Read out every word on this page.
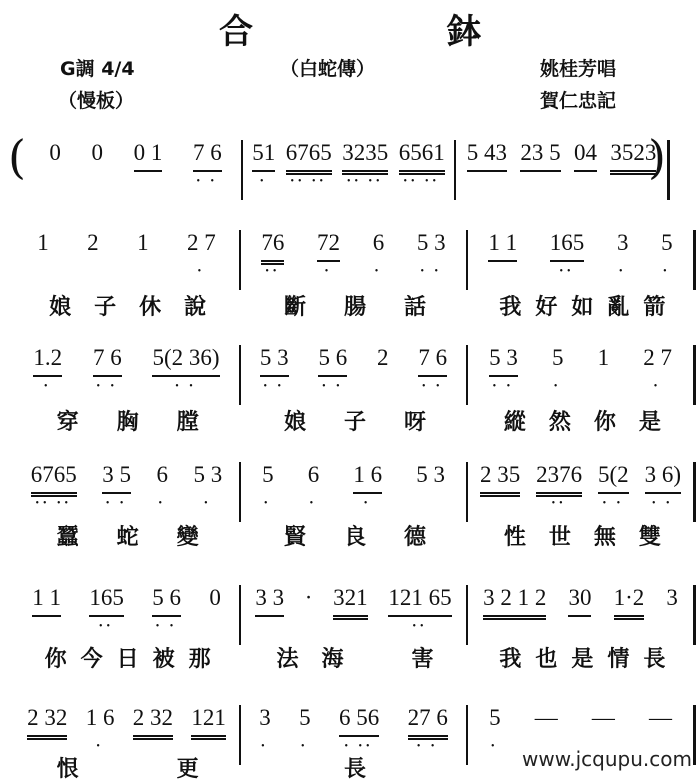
合　鉢
G調 4/4
（慢板）
（白蛇傳）	姚桂芳唱
賀仁忠記
(	)
0 0 0 1 7 6
• •
51
•
6765
•• ••
3235
•• ••
6561
•• ••
5 43 23 5 04 3523
1 2 1 2 7
•
76
••
72
•
6
•
5 3
• •
1 1 165
••
3
•
5
•
娘子休說	斷腸話	我好如亂箭
1.2
•
7 6
• •
5(2 36)
• •
5 3
• •
5 6
• •
2 7 6
• •
5 3
• •
5
•
1 2 7
•
穿胸膛	娘子呀	縱然你是
6765
•• ••
3 5
• •
6
•
5 3
•
5
•
6
•
1 6
•
5 3 2 35 2376
••
5(2
• •
3 6)
• •
蠶蛇變	賢良德	性世無雙
1 1 165
••
5 6
• •
0 3 3 · 321 121 65
••
3 2 1 2 30 1·2 3
你今日被那	法海　害	我也是情長
2 32 1 6
•
2 32 121 3
•
5
•
6 56
• ••
27 6
• •
5
•
— — —
恨　更	長	www.jcqupu.com
